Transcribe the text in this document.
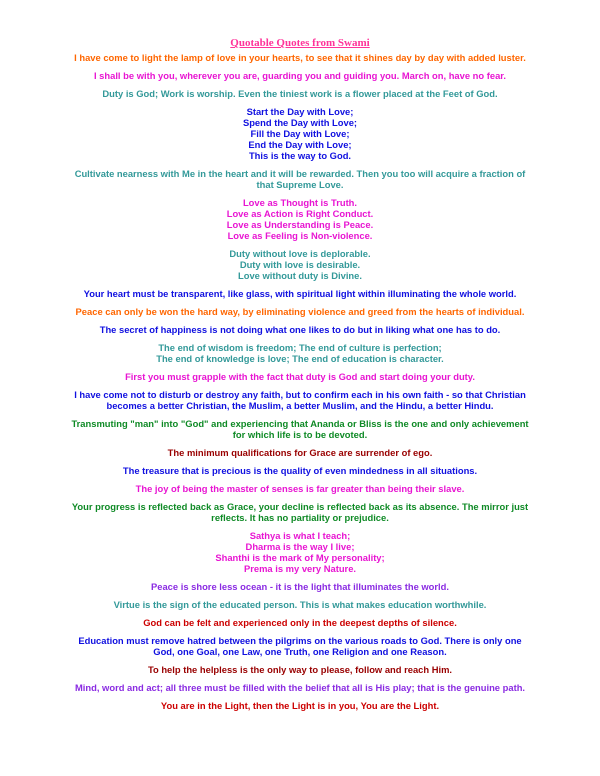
Quotable Quotes from Swami
I have come to light the lamp of love in your hearts, to see that it shines day by day with added luster.
I shall be with you, wherever you are, guarding you and guiding you. March on, have no fear.
Duty is God; Work is worship. Even the tiniest work is a flower placed at the Feet of God.
Start the Day with Love;
Spend the Day with Love;
Fill the Day with Love;
End the Day with Love;
This is the way to God.
Cultivate nearness with Me in the heart and it will be rewarded. Then you too will acquire a fraction of that Supreme Love.
Love as Thought is Truth.
Love as Action is Right Conduct.
Love as Understanding is Peace.
Love as Feeling is Non-violence.
Duty without love is deplorable.
Duty with love is desirable.
Love without duty is Divine.
Your heart must be transparent, like glass, with spiritual light within illuminating the whole world.
Peace can only be won the hard way, by eliminating violence and greed from the hearts of individual.
The secret of happiness is not doing what one likes to do but in liking what one has to do.
The end of wisdom is freedom; The end of culture is perfection;
The end of knowledge is love; The end of education is character.
First you must grapple with the fact that duty is God and start doing your duty.
I have come not to disturb or destroy any faith, but to confirm each in his own faith - so that Christian becomes a better Christian, the Muslim, a better Muslim, and the Hindu, a better Hindu.
Transmuting "man" into "God" and experiencing that Ananda or Bliss is the one and only achievement for which life is to be devoted.
The minimum qualifications for Grace are surrender of ego.
The treasure that is precious is the quality of even mindedness in all situations.
The joy of being the master of senses is far greater than being their slave.
Your progress is reflected back as Grace, your decline is reflected back as its absence. The mirror just reflects. It has no partiality or prejudice.
Sathya is what I teach;
Dharma is the way I live;
Shanthi is the mark of My personality;
Prema is my very Nature.
Peace is shore less ocean - it is the light that illuminates the world.
Virtue is the sign of the educated person. This is what makes education worthwhile.
God can be felt and experienced only in the deepest depths of silence.
Education must remove hatred between the pilgrims on the various roads to God. There is only one God, one Goal, one Law, one Truth, one Religion and one Reason.
To help the helpless is the only way to please, follow and reach Him.
Mind, word and act; all three must be filled with the belief that all is His play; that is the genuine path.
You are in the Light, then the Light is in you, You are the Light.
